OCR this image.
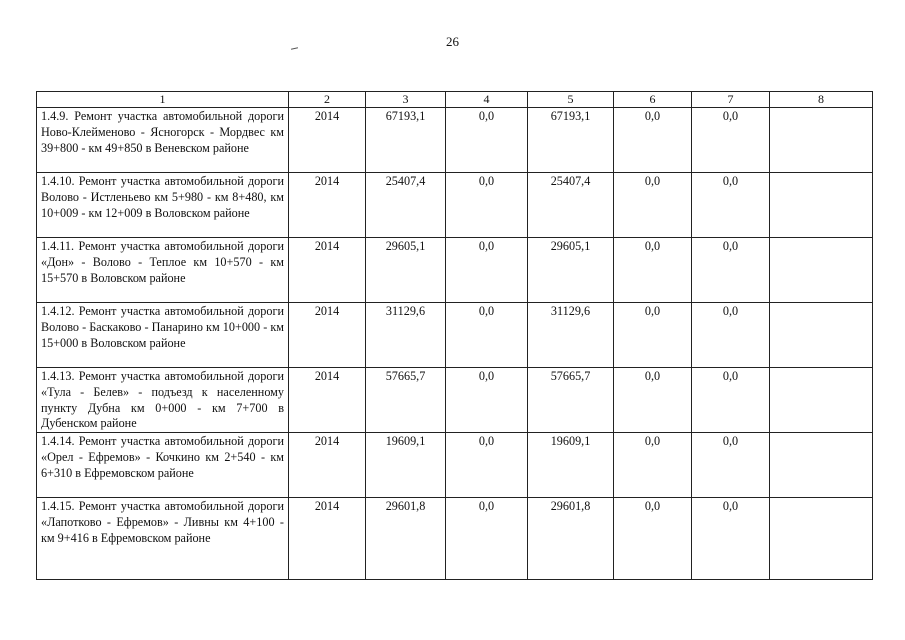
26
1	2	3	4	5	6	7	8
1.4.9. Ремонт участка автомобильной дороги Ново-Клейменово - Ясногорск - Мордвес км 39+800 - км 49+850 в Веневском районе	2014	67193,1	0,0	67193,1	0,0	0,0	
1.4.10. Ремонт участка автомобильной дороги Волово - Истленьево км 5+980 - км 8+480, км 10+009 - км 12+009 в Воловском районе	2014	25407,4	0,0	25407,4	0,0	0,0	
1.4.11. Ремонт участка автомобильной дороги «Дон» - Волово - Теплое км 10+570 - км 15+570 в Воловском районе	2014	29605,1	0,0	29605,1	0,0	0,0	
1.4.12. Ремонт участка автомобильной дороги Волово - Баскаково - Панарино км 10+000 - км 15+000 в Воловском районе	2014	31129,6	0,0	31129,6	0,0	0,0	
1.4.13. Ремонт участка автомобильной дороги «Тула - Белев» - подъезд к населенному пункту Дубна км 0+000 - км 7+700 в Дубенском районе	2014	57665,7	0,0	57665,7	0,0	0,0	
1.4.14. Ремонт участка автомобильной дороги «Орел - Ефремов» - Кочкино км 2+540 - км 6+310 в Ефремовском районе	2014	19609,1	0,0	19609,1	0,0	0,0	
1.4.15. Ремонт участка автомобильной дороги «Лапотково - Ефремов» - Ливны км 4+100 - км 9+416 в Ефремовском районе	2014	29601,8	0,0	29601,8	0,0	0,0	
